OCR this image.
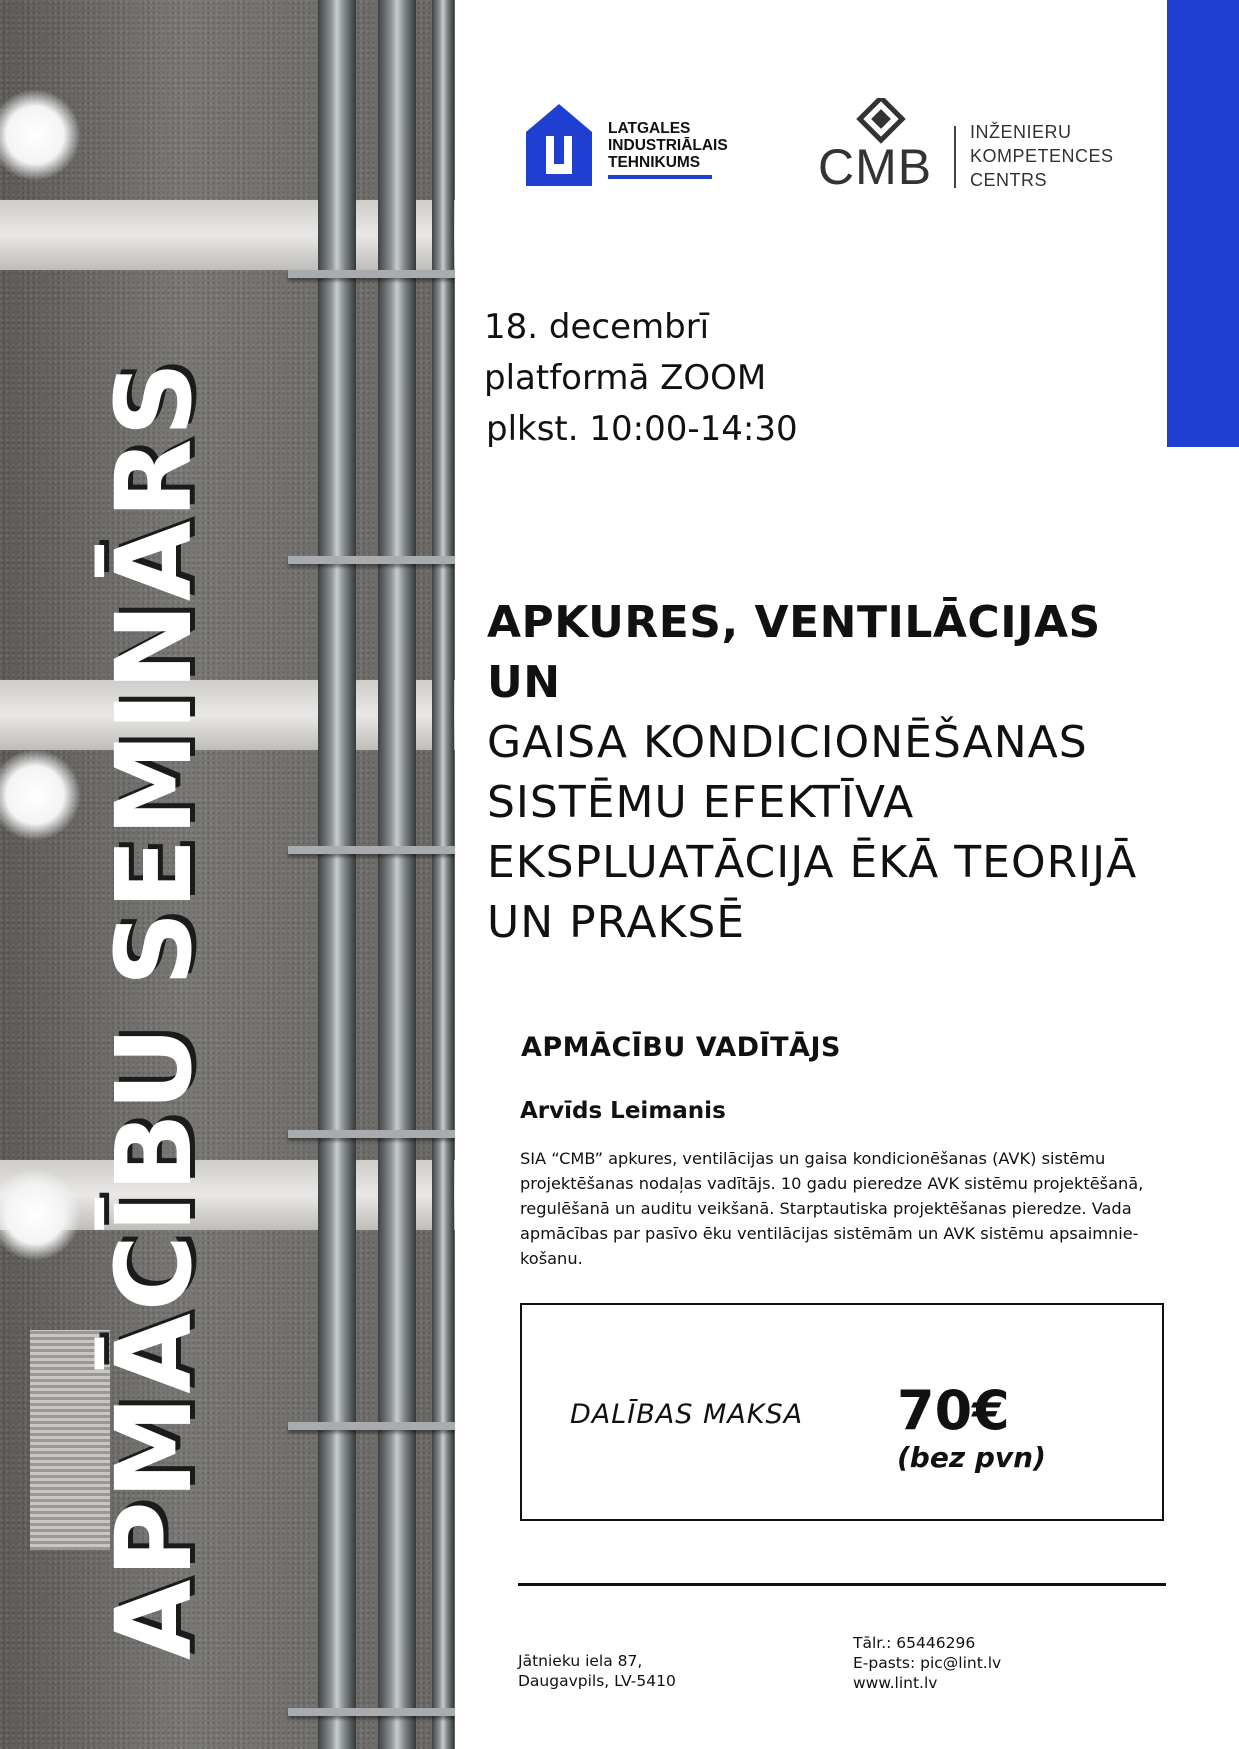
APMĀCĪBU SEMINĀRS
LATGALES
INDUSTRIĀLAIS
TEHNIKUMS	CMB
INŽENIERU
KOMPETENCES
CENTRS
18. decembrī
platformā ZOOM
plkst. 10:00-14:30
APKURES, VENTILĀCIJAS UN
GAISA KONDICIONĒŠANAS
SISTĒMU EFEKTĪVA
EKSPLUATĀCIJA ĒKĀ TEORIJĀ
UN PRAKSĒ
APMĀCĪBU VADĪTĀJS
Arvīds Leimanis
SIA “CMB” apkures, ventilācijas un gaisa kondicionēšanas (AVK) sistēmu projektēšanas nodaļas vadītājs. 10 gadu pieredze AVK sistēmu projektēšanā, regulēšanā un auditu veikšanā. Starptautiska projektēšanas pieredze. Vada apmācības par pasīvo ēku ventilācijas sistēmām un AVK sistēmu apsaimnie-košanu.
DALĪBAS MAKSA 70€
(bez pvn)
Jātnieku iela 87,
Daugavpils, LV-5410
Tālr.: 65446296
E-pasts: pic@lint.lv
www.lint.lv
